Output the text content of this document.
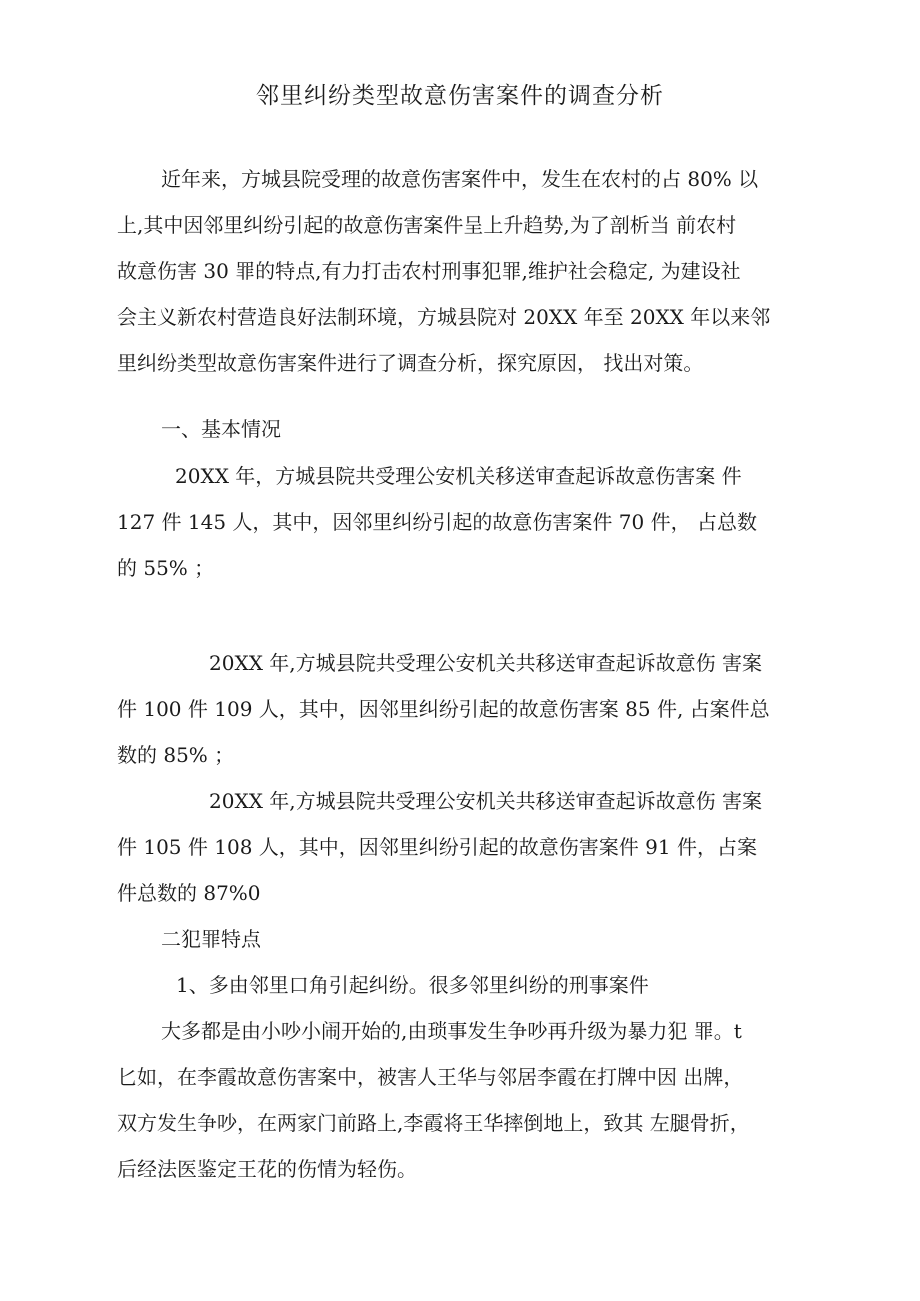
邻里纠纷类型故意伤害案件的调查分析
近年来，方城县院受理的故意伤害案件中，发生在农村的占 80% 以
上,其中因邻里纠纷引起的故意伤害案件呈上升趋势,为了剖析当 前农村
故意伤害 30 罪的特点,有力打击农村刑事犯罪,维护社会稳定, 为建设社
会主义新农村营造良好法制环境，方城县院对 20XX 年至 20XX 年以来邻
里纠纷类型故意伤害案件进行了调查分析，探究原因， 找出对策。
一、基本情况
20XX 年，方城县院共受理公安机关移送审查起诉故意伤害案 件
127 件 145 人，其中，因邻里纠纷引起的故意伤害案件 70 件， 占总数
的 55% ；
20XX 年,方城县院共受理公安机关共移送审查起诉故意伤 害案
件 100 件 109 人，其中，因邻里纠纷引起的故意伤害案 85 件, 占案件总
数的 85% ；
20XX 年,方城县院共受理公安机关共移送审查起诉故意伤 害案
件 105 件 108 人，其中，因邻里纠纷引起的故意伤害案件 91 件，占案
件总数的 87%0
二犯罪特点
1、多由邻里口角引起纠纷。很多邻里纠纷的刑事案件
大多都是由小吵小闹开始的,由琐事发生争吵再升级为暴力犯 罪。t
匕如，在李霞故意伤害案中，被害人王华与邻居李霞在打牌中因 出牌，
双方发生争吵，在两家门前路上,李霞将王华摔倒地上，致其 左腿骨折，
后经法医鉴定王花的伤情为轻伤。
